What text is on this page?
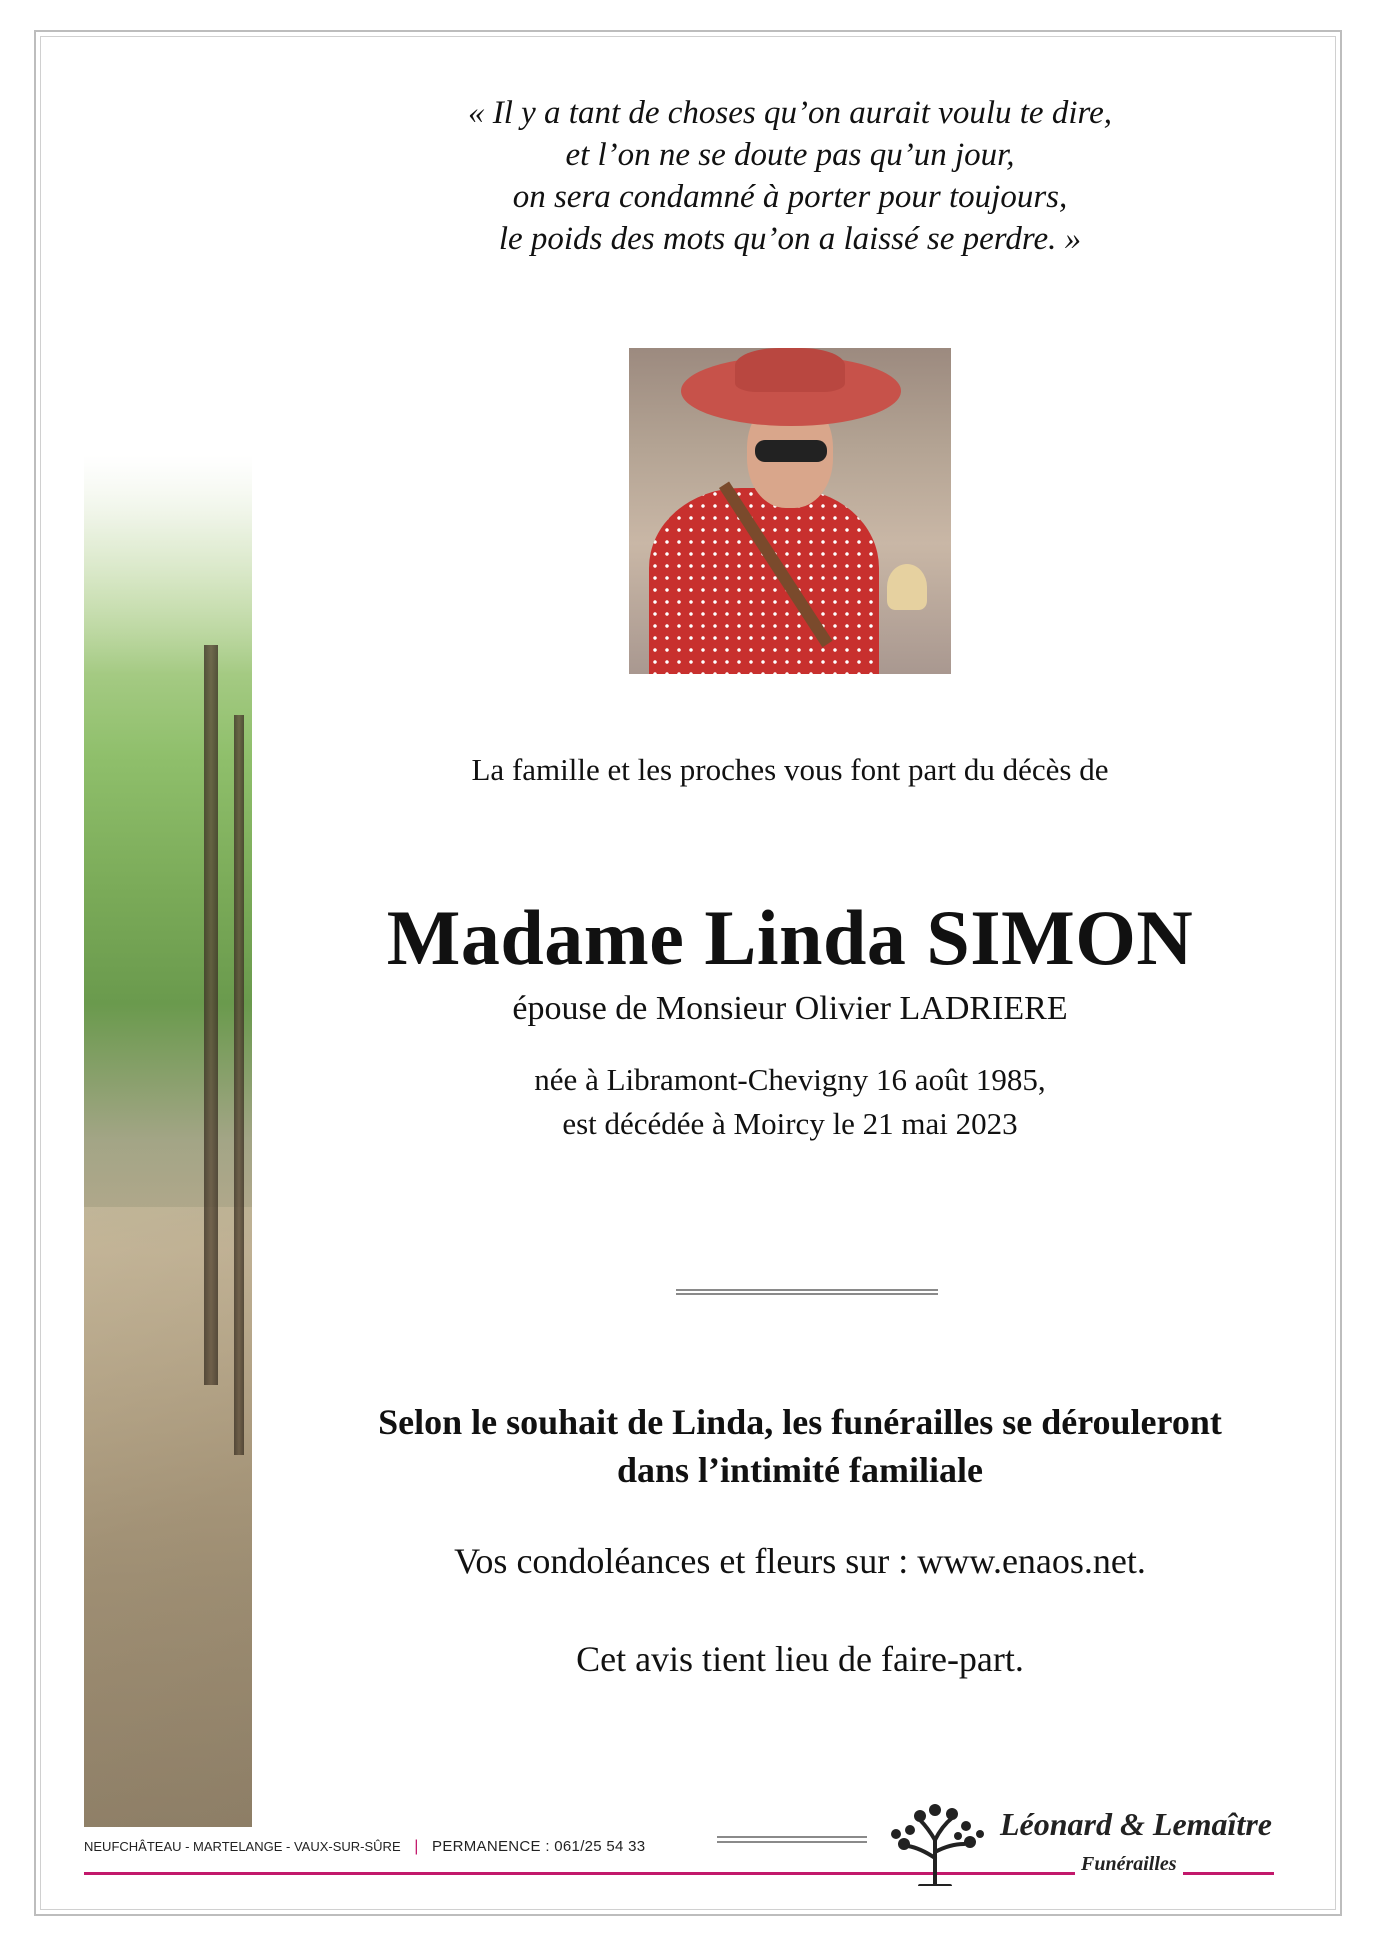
« Il y a tant de choses qu’on aurait voulu te dire,
et l’on ne se doute pas qu’un jour,
on sera condamné à porter pour toujours,
le poids des mots qu’on a laissé se perdre. »
La famille et les proches vous font part du décès de
Madame Linda SIMON
épouse de Monsieur Olivier LADRIERE
née à Libramont-Chevigny 16 août 1985,
est décédée à Moircy le 21 mai 2023
Selon le souhait de Linda, les funérailles se dérouleront
dans l’intimité familiale
Vos condoléances et fleurs sur : www.enaos.net.
Cet avis tient lieu de faire-part.
NEUFCHÂTEAU - MARTELANGE - VAUX-SUR-SÛRE | PERMANENCE : 061/25 54 33
Léonard & Lemaître
Funérailles
